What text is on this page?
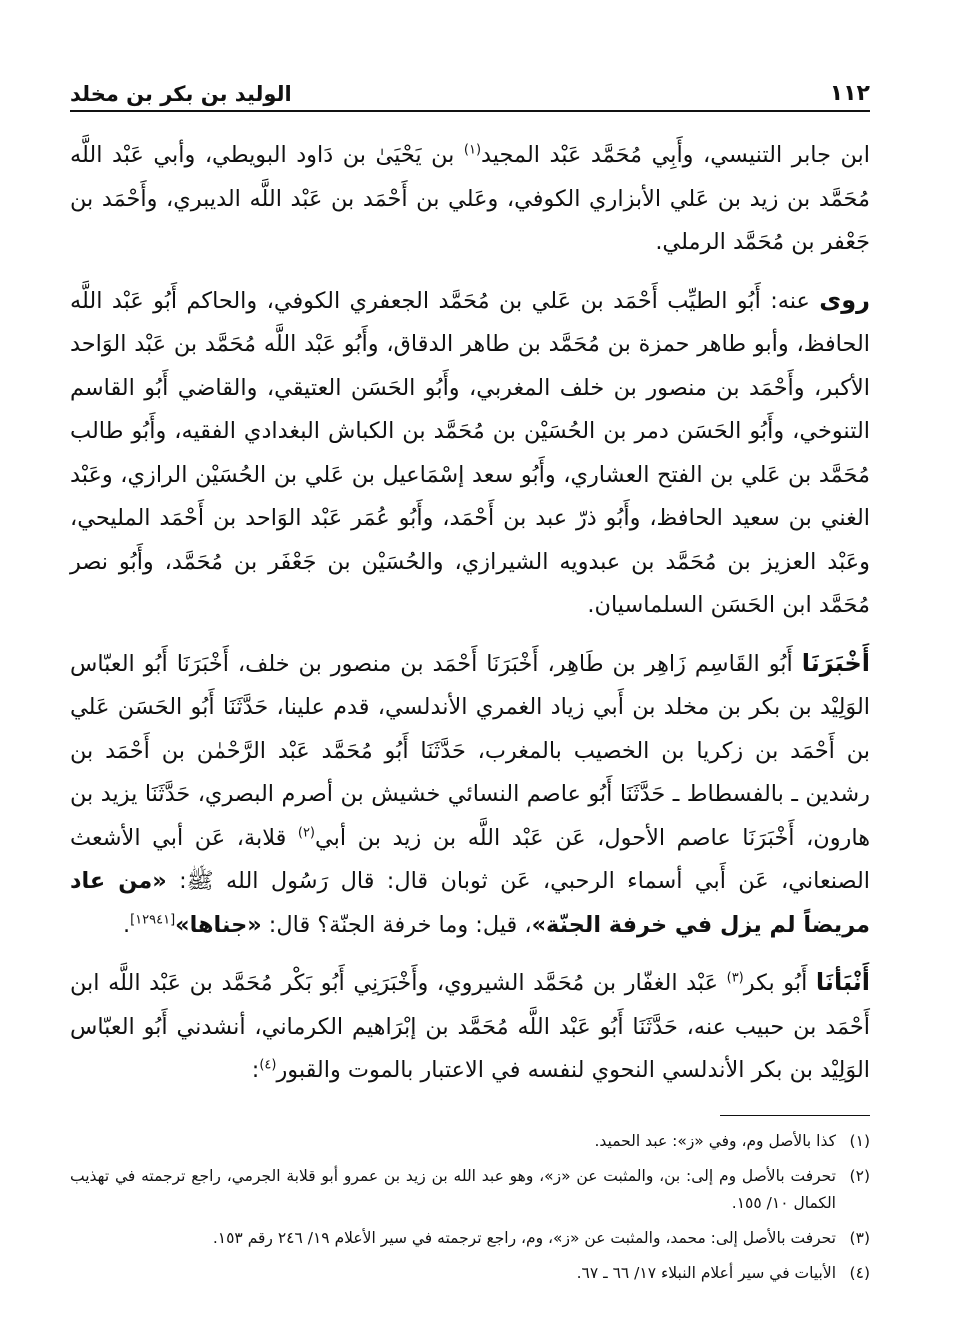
١١٢
الوليد بن بكر بن مخلد

ابن جابر التنيسي، وأَبِي مُحَمَّد عَبْد المجيد$^{(١)}$ بن يَحْيَىٰ بن دَاود البويطي، وأبي عَبْد اللَّه مُحَمَّد بن زيد بن عَلي الأبزاري الكوفي، وعَلي بن أَحْمَد بن عَبْد اللَّه الديبري، وأَحْمَد بن جَعْفر بن مُحَمَّد الرملي.

روى عنه: أَبُو الطيِّب أَحْمَد بن عَلي بن مُحَمَّد الجعفري الكوفي، والحاكم أَبُو عَبْد اللَّه الحافظ، وأبو طاهر حمزة بن مُحَمَّد بن طاهر الدقاق، وأَبُو عَبْد اللَّه مُحَمَّد بن عَبْد الوَاحد الأكبر، وأَحْمَد بن منصور بن خلف المغربي، وأَبُو الحَسَن العتيقي، والقاضي أَبُو القاسم التنوخي، وأَبُو الحَسَن دمر بن الحُسَيْن بن مُحَمَّد بن الكباش البغدادي الفقيه، وأَبُو طالب مُحَمَّد بن عَلي بن الفتح العشاري، وأَبُو سعد إسْمَاعيل بن عَلي بن الحُسَيْن الرازي، وعَبْد الغني بن سعيد الحافظ، وأَبُو ذرّ عبد بن أَحْمَد، وأَبُو عُمَر عَبْد الوَاحد بن أَحْمَد المليحي، وعَبْد العزيز بن مُحَمَّد بن عبدويه الشيرازي، والحُسَيْن بن جَعْفَر بن مُحَمَّد، وأَبُو نصر مُحَمَّد ابن الحَسَن السلماسيان.

أَخْبَرَنَا أَبُو القَاسِم زَاهِر بن طَاهِر، أَخْبَرَنَا أَحْمَد بن منصور بن خلف، أَخْبَرَنَا أَبُو العبّاس الوَلِيْد بن بكر بن مخلد بن أَبي زياد الغمري الأندلسي، قدم علينا، حَدَّثَنَا أَبُو الحَسَن عَلي بن أَحْمَد بن زكريا بن الخصيب بالمغرب، حَدَّثَنَا أَبُو مُحَمَّد عَبْد الرَّحْمٰن بن أَحْمَد بن رشدين ـ بالفسطاط ـ حَدَّثَنَا أَبُو عاصم النسائي خشيش بن أصرم البصري، حَدَّثَنَا يزيد بن هارون، أَخْبَرَنَا عاصم الأحول، عَن عَبْد اللَّه بن زيد بن أبي$^{(٢)}$ قلابة، عَن أبي الأشعث الصنعاني، عَن أَبي أسماء الرحبي، عَن ثوبان قال: قال رَسُول الله ﷺ: «من عاد مريضاً لم يزل في خرفة الجنّة»، قيل: وما خرفة الجنّة؟ قال: «جناها»[١٢٩٤١].

أَنْبَأنَا أَبُو بكر$^{(٣)}$ عَبْد الغفّار بن مُحَمَّد الشيروي، وأَخْبَرَنِي أَبُو بَكْر مُحَمَّد بن عَبْد اللَّه ابن أَحْمَد بن حبيب عنه، حَدَّثَنَا أَبُو عَبْد اللَّه مُحَمَّد بن إبْرَاهيم الكرماني، أنشدني أَبُو العبّاس الوَلِيْد بن بكر الأندلسي النحوي لنفسه في الاعتبار بالموت والقبور$^{(٤)}$:

(١)
كذا بالأصل وم، وفي «ز»: عبد الحميد.
(٢)
تحرفت بالأصل وم إلى: بن، والمثبت عن «ز»، وهو عبد الله بن زيد بن عمرو أبو قلابة الجرمي، راجع ترجمته في تهذيب الكمال ١٠/ ١٥٥.
(٣)
تحرفت بالأصل إلى: محمد، والمثبت عن «ز»، وم، راجع ترجمته في سير الأعلام ١٩/ ٢٤٦ رقم ١٥٣.
(٤)
الأبيات في سير أعلام النبلاء ١٧/ ٦٦ ـ ٦٧.
